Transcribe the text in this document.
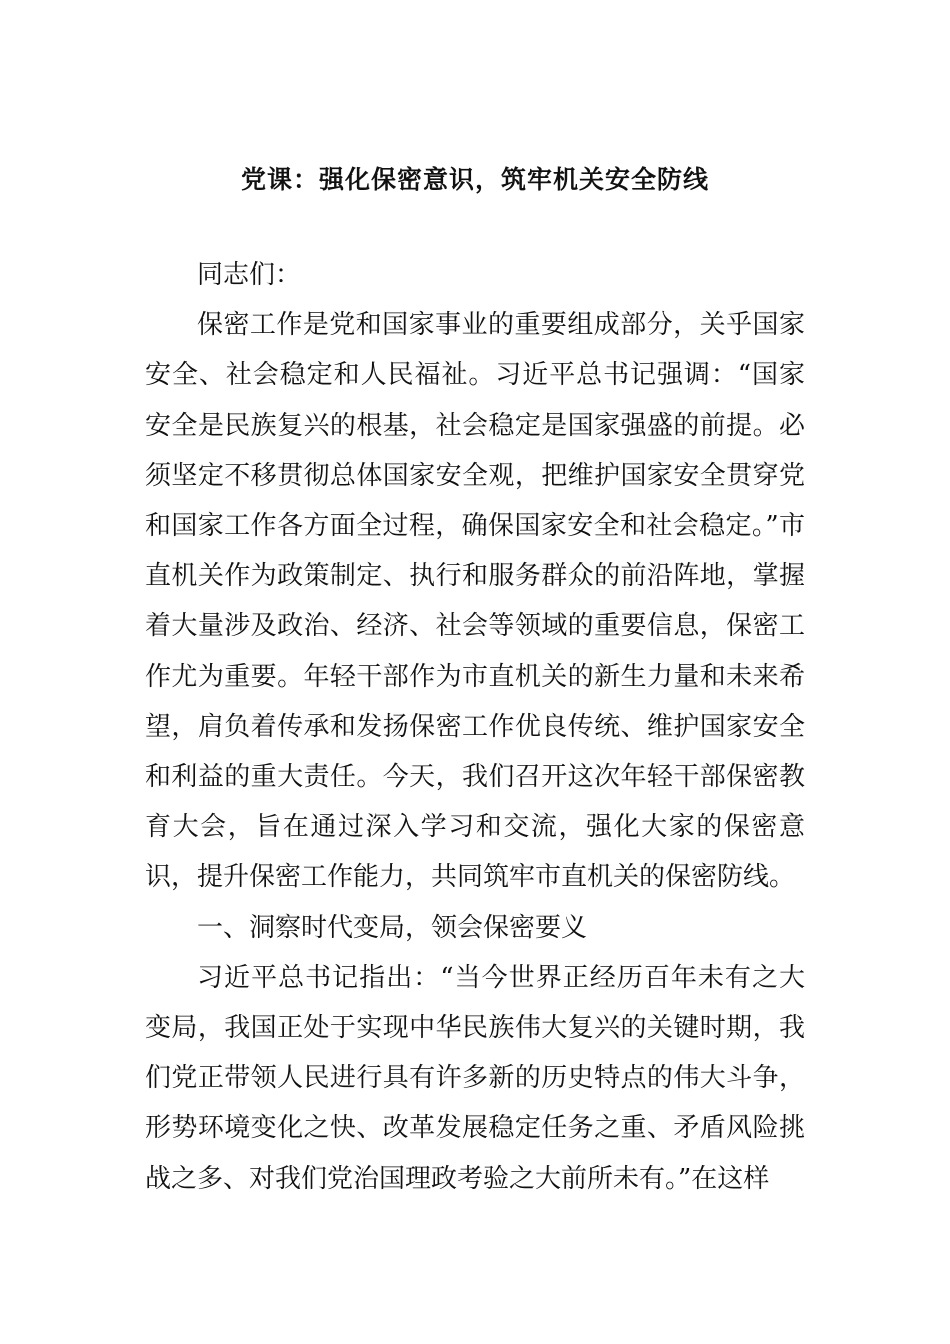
党课：强化保密意识，筑牢机关安全防线

同志们：

保密工作是党和国家事业的重要组成部分，关乎国家安全、社会稳定和人民福祉。习近平总书记强调：“国家安全是民族复兴的根基，社会稳定是国家强盛的前提。必须坚定不移贯彻总体国家安全观，把维护国家安全贯穿党和国家工作各方面全过程，确保国家安全和社会稳定。”市直机关作为政策制定、执行和服务群众的前沿阵地，掌握着大量涉及政治、经济、社会等领域的重要信息，保密工作尤为重要。年轻干部作为市直机关的新生力量和未来希望，肩负着传承和发扬保密工作优良传统、维护国家安全和利益的重大责任。今天，我们召开这次年轻干部保密教育大会，旨在通过深入学习和交流，强化大家的保密意识，提升保密工作能力，共同筑牢市直机关的保密防线。

一、洞察时代变局，领会保密要义

习近平总书记指出：“当今世界正经历百年未有之大变局，我国正处于实现中华民族伟大复兴的关键时期，我们党正带领人民进行具有许多新的历史特点的伟大斗争，形势环境变化之快、改革发展稳定任务之重、矛盾风险挑战之多、对我们党治国理政考验之大前所未有。”在这样
